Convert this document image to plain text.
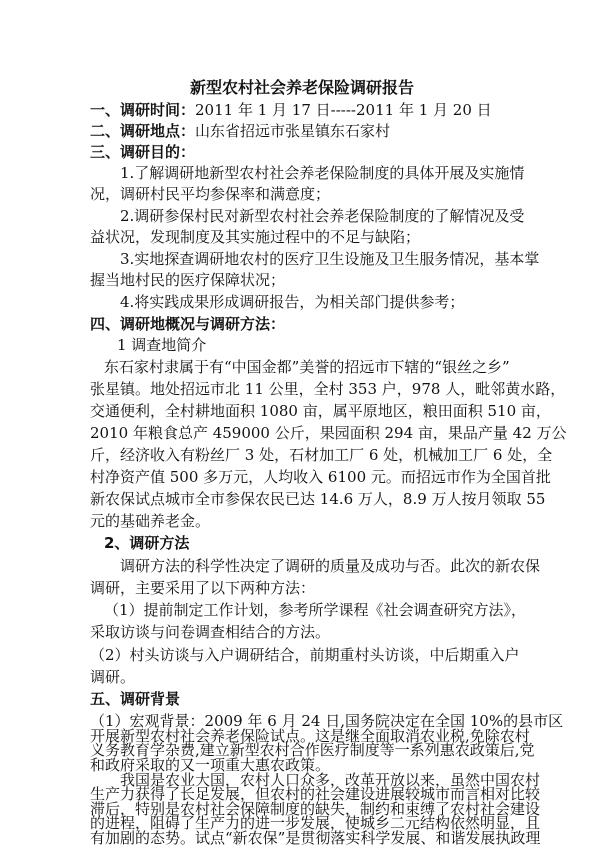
新型农村社会养老保险调研报告
一、调研时间：2011 年 1 月 17 日-----2011 年 1 月 20 日
二、调研地点：山东省招远市张星镇东石家村
三、调研目的：
1.了解调研地新型农村社会养老保险制度的具体开展及实施情
况，调研村民平均参保率和满意度；
2.调研参保村民对新型农村社会养老保险制度的了解情况及受
益状况，发现制度及其实施过程中的不足与缺陷；
3.实地探查调研地农村的医疗卫生设施及卫生服务情况，基本掌
握当地村民的医疗保障状况；
4.将实践成果形成调研报告，为相关部门提供参考；
四、调研地概况与调研方法：
1 调查地简介
东石家村隶属于有“中国金都”美誉的招远市下辖的“银丝之乡”
张星镇。地处招远市北 11 公里，全村 353 户，978 人，毗邻黄水路，
交通便利，全村耕地面积 1080 亩，属平原地区，粮田面积 510 亩，
2010 年粮食总产 459000 公斤，果园面积 294 亩，果品产量 42 万公
斤，经济收入有粉丝厂 3 处，石材加工厂 6 处，机械加工厂 6 处，全
村净资产值 500 多万元，人均收入 6100 元。而招远市作为全国首批
新农保试点城市全市参保农民已达 14.6 万人，8.9 万人按月领取 55
元的基础养老金。
2、调研方法
调研方法的科学性决定了调研的质量及成功与否。此次的新农保
调研，主要采用了以下两种方法：
（1）提前制定工作计划，参考所学课程《社会调查研究方法》，
采取访谈与问卷调查相结合的方法。
（2）村头访谈与入户调研结合，前期重村头访谈，中后期重入户
调研。
五、调研背景
（1）宏观背景：2009 年 6 月 24 日,国务院决定在全国 10%的县市区
开展新型农村社会养老保险试点。这是继全面取消农业税,免除农村
义务教育学杂费,建立新型农村合作医疗制度等一系列惠农政策后,党
和政府采取的又一项重大惠农政策。
我国是农业大国，农村人口众多，改革开放以来，虽然中国农村
生产力获得了长足发展，但农村的社会建设进展较城市而言相对比较
滞后，特别是农村社会保障制度的缺失，制约和束缚了农村社会建设
的进程，阻碍了生产力的进一步发展，使城乡二元结构依然明显，且
有加剧的态势。试点“新农保”是贯彻落实科学发展、和谐发展执政理
